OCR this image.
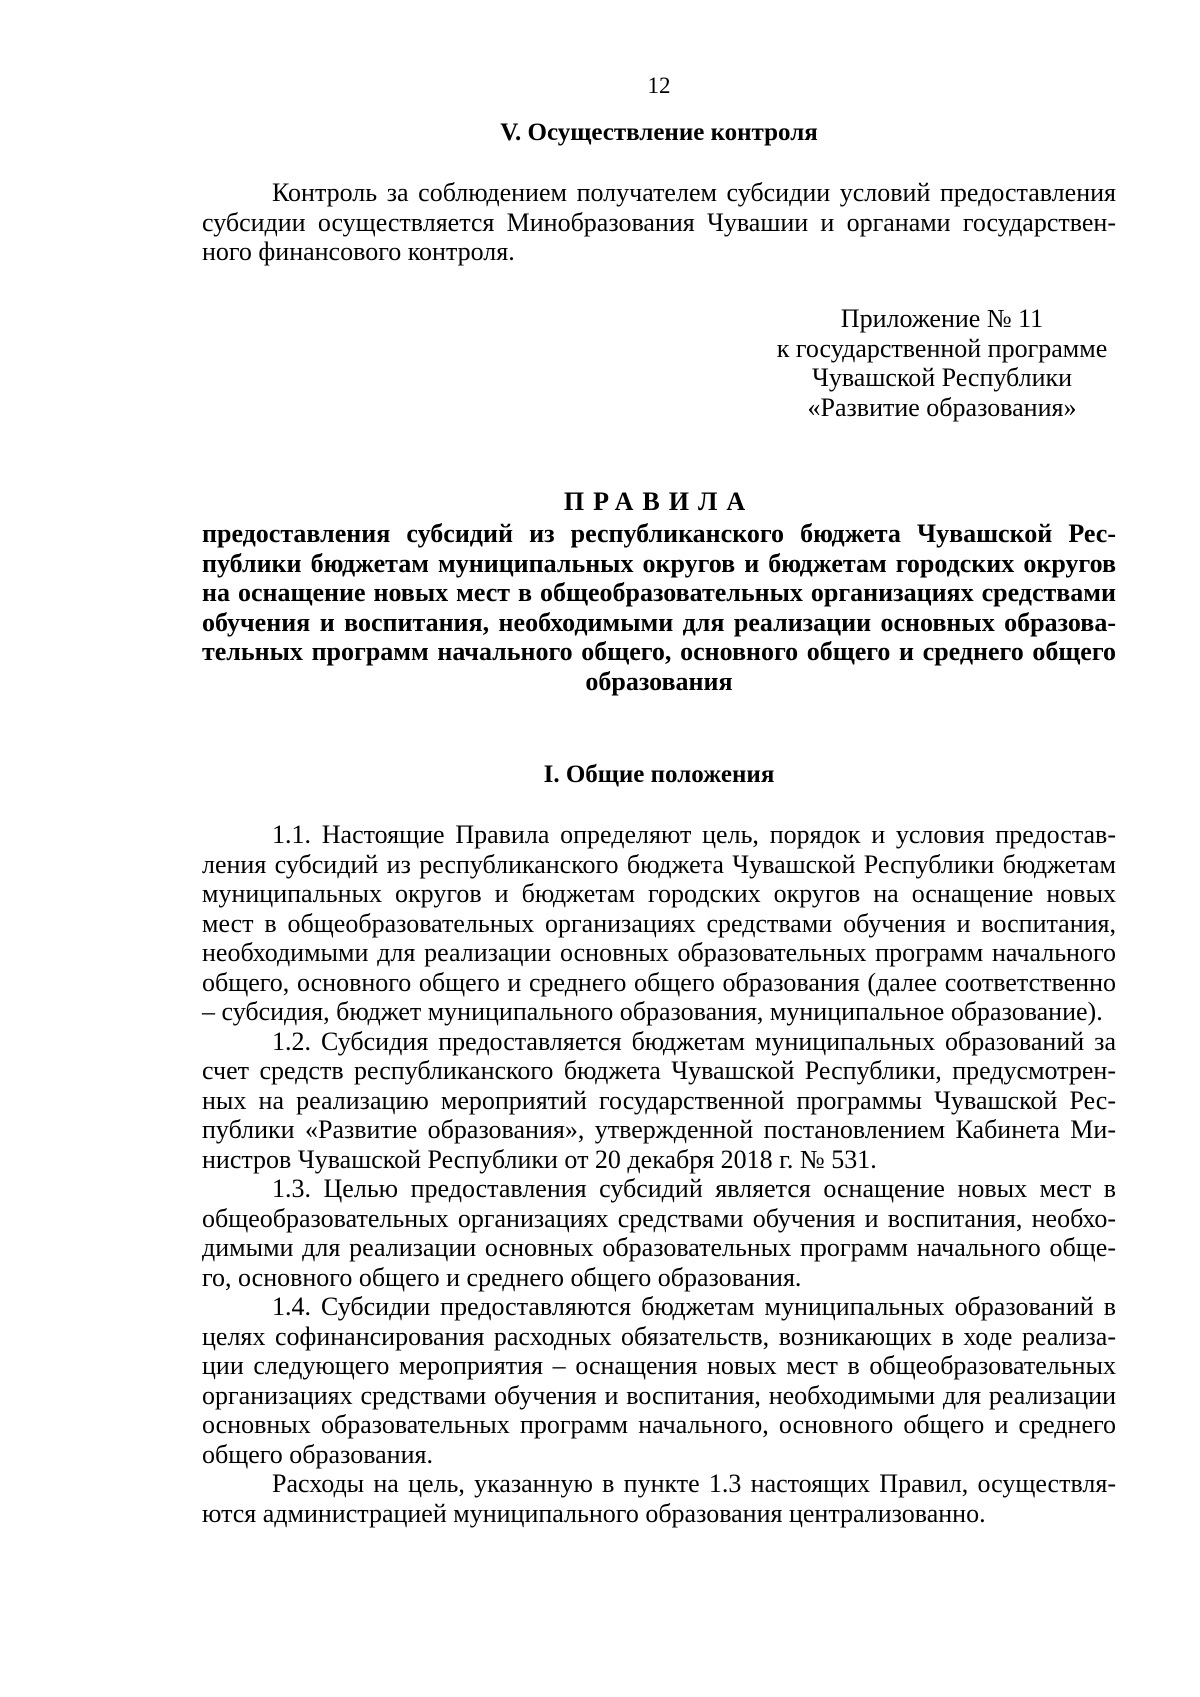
12
V. Осуществление контроля

Контроль за соблюдением получателем субсидии условий предоставления субсидии осуществляется Минобразования Чувашии и органами государственного финансового контроля.

Приложение № 11
к государственной программе
Чувашской Республики
«Развитие образования»
ПРАВИЛА
предоставления субсидий из республиканского бюджета Чувашской Республики бюджетам муниципальных округов и бюджетам городских округов на оснащение новых мест в общеобразовательных организациях средствами обучения и воспитания, необходимыми для реализации основных образовательных программ начального общего, основного общего и среднего общего образования
I. Общие положения

1.1. Настоящие Правила определяют цель, порядок и условия предоставления субсидий из республиканского бюджета Чувашской Республики бюджетам муниципальных округов и бюджетам городских округов на оснащение новых мест в общеобразовательных организациях средствами обучения и воспитания, необходимыми для реализации основных образовательных программ начального общего, основного общего и среднего общего образования (далее соответственно – субсидия, бюджет муниципального образования, муниципальное образование).

1.2. Субсидия предоставляется бюджетам муниципальных образований за счет средств республиканского бюджета Чувашской Республики, предусмотренных на реализацию мероприятий государственной программы Чувашской Республики «Развитие образования», утвержденной постановлением Кабинета Министров Чувашской Республики от 20 декабря 2018 г. № 531.

1.3. Целью предоставления субсидий является оснащение новых мест в общеобразовательных организациях средствами обучения и воспитания, необходимыми для реализации основных образовательных программ начального общего, основного общего и среднего общего образования.

1.4. Субсидии предоставляются бюджетам муниципальных образований в целях софинансирования расходных обязательств, возникающих в ходе реализации следующего мероприятия – оснащения новых мест в общеобразовательных организациях средствами обучения и воспитания, необходимыми для реализации основных образовательных программ начального, основного общего и среднего общего образования.

Расходы на цель, указанную в пункте 1.3 настоящих Правил, осуществляются администрацией муниципального образования централизованно.
